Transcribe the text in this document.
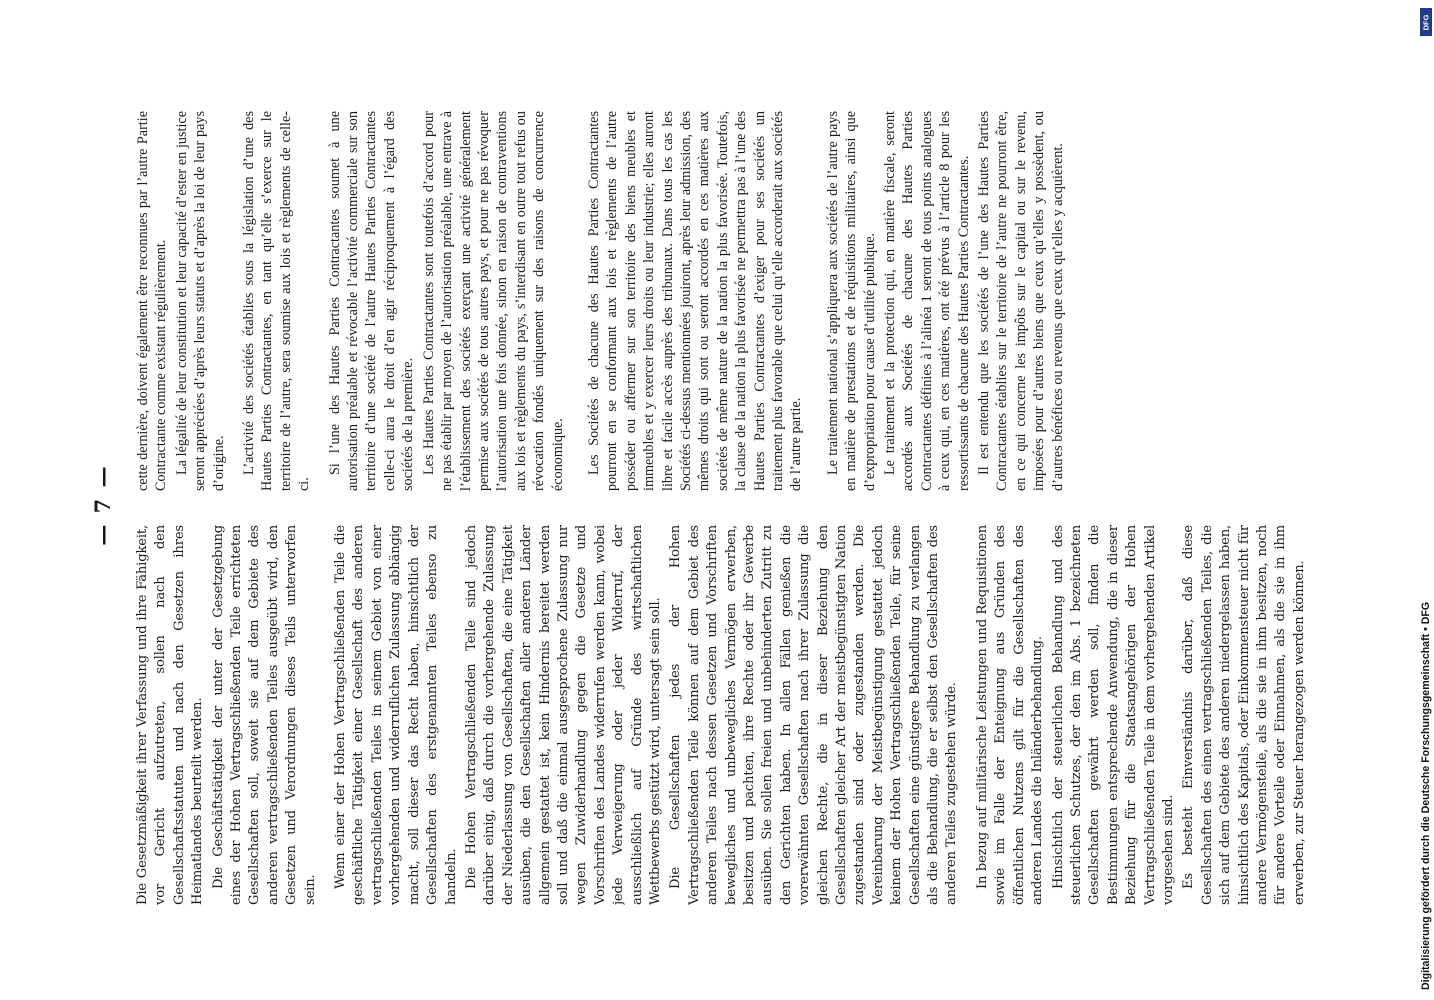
— 7 —

Die Gesetzmäßigkeit ihrer Verfassung und ihre Fähigkeit, vor Gericht aufzutreten, sollen nach den Gesellschaftsstatuten und nach den Gesetzen ihres Heimatlandes beurteilt werden. Die Geschäftstätigkeit der unter der Gesetzgebung eines der Hohen Vertragschließenden Teile errichteten Gesellschaften soll, soweit sie auf dem Gebiete des anderen vertragschließenden Teiles ausgeübt wird, den Gesetzen und Verordnungen dieses Teils unterworfen sein.

Wenn einer der Hohen Vertragschließenden Teile die geschäftliche Tätigkeit einer Gesellschaft des anderen vertragschließenden Teiles in seinem Gebiet von einer vorhergehenden und widerruflichen Zulassung abhängig macht, soll dieser das Recht haben, hinsichtlich der Gesellschaften des erstgenannten Teiles ebenso zu handeln. Die Hohen Vertragschließenden Teile sind jedoch darüber einig, daß durch die vorhergehende Zulassung der Niederlassung von Gesellschaften, die eine Tätigkeit ausüben, die den Gesellschaften aller anderen Länder allgemein gestattet ist, kein Hindernis bereitet werden soll und daß die einmal ausgesprochene Zulassung nur wegen Zuwiderhandlung gegen die Gesetze und Vorschriften des Landes widerrufen werden kann, wobei jede Verweigerung oder jeder Widerruf, der ausschließlich auf Gründe des wirtschaftlichen Wettbewerbs gestützt wird, untersagt sein soll. Die Gesellschaften jedes der Hohen Vertragschließenden Teile können auf dem Gebiet des anderen Teiles nach dessen Gesetzen und Vorschriften bewegliches und unbewegliches Vermögen erwerben, besitzen und pachten, ihre Rechte oder ihr Gewerbe ausüben. Sie sollen freien und unbehinderten Zutritt zu den Gerichten haben. In allen Fällen genießen die vorerwähnten Gesellschaften nach ihrer Zulassung die gleichen Rechte, die in dieser Beziehung den Gesellschaften gleicher Art der meistbegünstigten Nation zugestanden sind oder zugestanden werden. Die Vereinbarung der Meistbegünstigung gestattet jedoch keinem der Hohen Vertragschließenden Teile, für seine Gesellschaften eine günstigere Behandlung zu verlangen als die Behandlung, die er selbst den Gesellschaften des anderen Teiles zugestehen würde. In bezug auf militärische Leistungen und Requisitionen sowie im Falle der Enteignung aus Gründen des öffentlichen Nutzens gilt für die Gesellschaften des anderen Landes die Inländerbehandlung. Hinsichtlich der steuerlichen Behandlung und des steuerlichen Schutzes, der den im Abs. 1 bezeichneten Gesellschaften gewährt werden soll, finden die Bestimmungen entsprechende Anwendung, die in dieser Beziehung für die Staatsangehörigen der Hohen Vertragschließenden Teile in dem vorhergehenden Artikel vorgesehen sind. Es besteht Einverständnis darüber, daß diese Gesellschaften des einen vertragschließenden Teiles, die sich auf dem Gebiete des anderen niedergelassen haben, hinsichtlich des Kapitals, oder Einkommensteuer nicht für andere Vermögensteile, als die sie in ihm besitzen, noch für andere Vorteile oder Einnahmen, als die sie in ihm erwerben, zur Steuer herangezogen werden können.

cette dernière, doivent également être reconnues par l’autre Partie Contractante comme existant régulièrement. La légalité de leur constitution et leur capacité d’ester en justice seront appréciées d’après leurs statuts et d’après la loi de leur pays d’origine. L’activité des sociétés établies sous la législation d’une des Hautes Parties Contractantes, en tant qu’elle s’exerce sur le territoire de l’autre, sera soumise aux lois et règlements de celle-ci.

Si l’une des Hautes Parties Contractantes soumet à une autorisation préalable et révocable l’activité commerciale sur son territoire d’une société de l’autre Hautes Parties Contractantes celle-ci aura le droit d’en agir réciproquement à l’égard des sociétés de la première. Les Hautes Parties Contractantes sont toutefois d’accord pour ne pas établir par moyen de l’autorisation préalable, une entrave à l’établissement des sociétés exerçant une activité généralement permise aux sociétés de tous autres pays, et pour ne pas révoquer l’autorisation une fois donnée, sinon en raison de contraventions aux lois et règlements du pays, s’interdisant en outre tout refus ou révocation fondés uniquement sur des raisons de concurrence économique. Les Sociétés de chacune des Hautes Parties Contractantes pourront en se conformant aux lois et règlements de l’autre posséder ou affermer sur son territoire des biens meubles et immeubles et y exercer leurs droits ou leur industrie; elles auront libre et facile accès auprès des tribunaux. Dans tous les cas les Sociétés ci-dessus mentionnées jouiront, après leur admission, des mêmes droits qui sont ou seront accordés en ces matières aux sociétés de même nature de la nation la plus favorisée. Toutefois, la clause de la nation la plus favorisée ne permettra pas à l’une des Hautes Parties Contractantes d’exiger pour ses sociétés un traitement plus favorable que celui qu’elle accorderait aux sociétés de l’autre partie. Le traitement national s’appliquera aux sociétés de l’autre pays en matière de prestations et de réquisitions militaires, ainsi que d’expropriation pour cause d’utilité publique. Le traitement et la protection qui, en matière fiscale, seront accordés aux Sociétés de chacune des Hautes Parties Contractantes définies à l’alinéa 1 seront de tous points analogues à ceux qui, en ces matières, ont été prévus à l’article 8 pour les ressortissants de chacune des Hautes Parties Contractantes. Il est entendu que les sociétés de l’une des Hautes Parties Contractantes établies sur le territoire de l’autre ne pourront être, en ce qui concerne les impôts sur le capital ou sur le revenu, imposées pour d’autres biens que ceux qu’elles y possèdent, ou d’autres bénéfices ou revenus que ceux qu’elles y acquièrent.

Digitalisierung gefördert durch die Deutsche Forschungsgemeinschaft • DFG
DFG
